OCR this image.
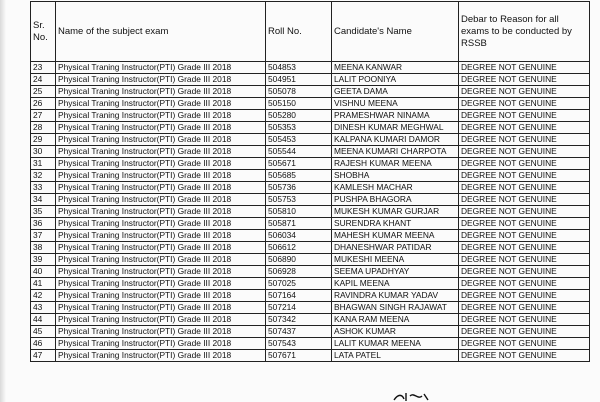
Sr. No.	Name of the subject exam	Roll No.	Candidate's Name	Debar to Reason for all exams to be conducted by RSSB
23	Physical Traning Instructor(PTI) Grade III 2018	504853	MEENA KANWAR	DEGREE NOT GENUINE
24	Physical Traning Instructor(PTI) Grade III 2018	504951	LALIT POONIYA	DEGREE NOT GENUINE
25	Physical Traning Instructor(PTI) Grade III 2018	505078	GEETA DAMA	DEGREE NOT GENUINE
26	Physical Traning Instructor(PTI) Grade III 2018	505150	VISHNU MEENA	DEGREE NOT GENUINE
27	Physical Traning Instructor(PTI) Grade III 2018	505280	PRAMESHWAR NINAMA	DEGREE NOT GENUINE
28	Physical Traning Instructor(PTI) Grade III 2018	505353	DINESH KUMAR MEGHWAL	DEGREE NOT GENUINE
29	Physical Traning Instructor(PTI) Grade III 2018	505453	KALPANA KUMARI DAMOR	DEGREE NOT GENUINE
30	Physical Traning Instructor(PTI) Grade III 2018	505544	MEENA KUMARI CHARPOTA	DEGREE NOT GENUINE
31	Physical Traning Instructor(PTI) Grade III 2018	505671	RAJESH KUMAR MEENA	DEGREE NOT GENUINE
32	Physical Traning Instructor(PTI) Grade III 2018	505685	SHOBHA	DEGREE NOT GENUINE
33	Physical Traning Instructor(PTI) Grade III 2018	505736	KAMLESH MACHAR	DEGREE NOT GENUINE
34	Physical Traning Instructor(PTI) Grade III 2018	505753	PUSHPA BHAGORA	DEGREE NOT GENUINE
35	Physical Traning Instructor(PTI) Grade III 2018	505810	MUKESH KUMAR GURJAR	DEGREE NOT GENUINE
36	Physical Traning Instructor(PTI) Grade III 2018	505871	SURENDRA KHANT	DEGREE NOT GENUINE
37	Physical Traning Instructor(PTI) Grade III 2018	506034	MAHESH KUMAR MEENA	DEGREE NOT GENUINE
38	Physical Traning Instructor(PTI) Grade III 2018	506612	DHANESHWAR PATIDAR	DEGREE NOT GENUINE
39	Physical Traning Instructor(PTI) Grade III 2018	506890	MUKESHI MEENA	DEGREE NOT GENUINE
40	Physical Traning Instructor(PTI) Grade III 2018	506928	SEEMA UPADHYAY	DEGREE NOT GENUINE
41	Physical Traning Instructor(PTI) Grade III 2018	507025	KAPIL MEENA	DEGREE NOT GENUINE
42	Physical Traning Instructor(PTI) Grade III 2018	507164	RAVINDRA KUMAR YADAV	DEGREE NOT GENUINE
43	Physical Traning Instructor(PTI) Grade III 2018	507214	BHAGWAN SINGH RAJAWAT	DEGREE NOT GENUINE
44	Physical Traning Instructor(PTI) Grade III 2018	507342	KANA RAM MEENA	DEGREE NOT GENUINE
45	Physical Traning Instructor(PTI) Grade III 2018	507437	ASHOK KUMAR	DEGREE NOT GENUINE
46	Physical Traning Instructor(PTI) Grade III 2018	507543	LALIT KUMAR MEENA	DEGREE NOT GENUINE
47	Physical Traning Instructor(PTI) Grade III 2018	507671	LATA PATEL	DEGREE NOT GENUINE
